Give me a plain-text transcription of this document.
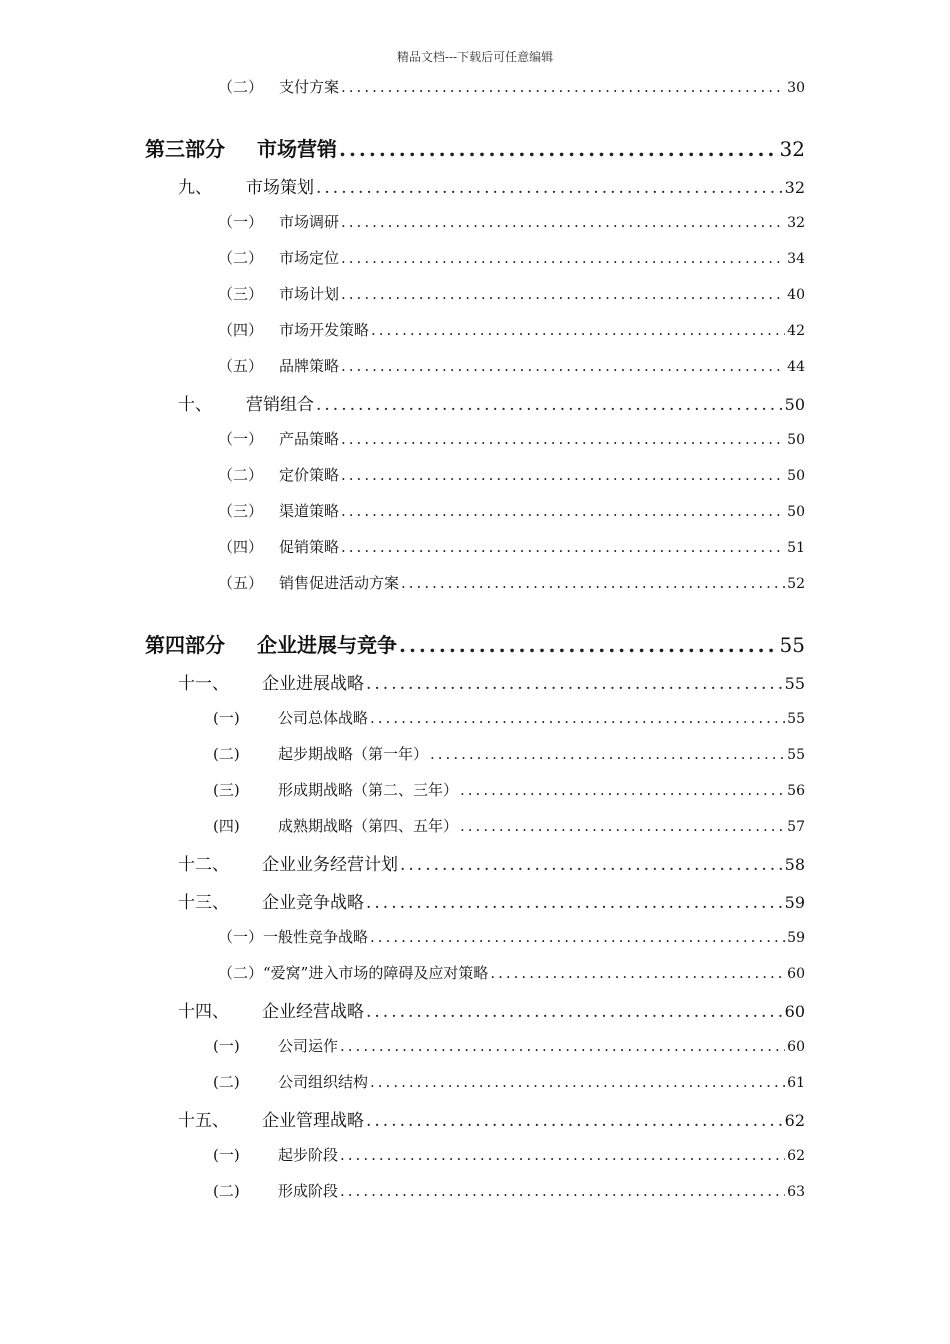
精品文档---下载后可任意编辑
（二）	支付方案 .....	30
第三部分	市场营销 .....	32
九、	市场策划 .....	32
（一）	市场调研 .....	32
（二）	市场定位 .....	34
（三）	市场计划 .....	40
（四）	市场开发策略 .....	42
（五）	品牌策略 .....	44
十、	营销组合 .....	50
（一）	产品策略 .....	50
（二）	定价策略 .....	50
（三）	渠道策略 .....	50
（四）	促销策略 .....	51
（五）	销售促进活动方案 .....	52
第四部分	企业进展与竞争 .....	55
十一、	企业进展战略 .....	55
(一)	公司总体战略 .....	55
(二)	起步期战略（第一年） .....	55
(三)	形成期战略（第二、三年） .....	56
(四)	成熟期战略（第四、五年） .....	57
十二、	企业业务经营计划 .....	58
十三、	企业竞争战略 .....	59
（一） 一般性竞争战略 .....	59
（二） “爱窝”进入市场的障碍及应对策略 .....	60
十四、	企业经营战略 .....	60
(一)	公司运作 .....	60
(二)	公司组织结构 .....	61
十五、	企业管理战略 .....	62
(一)	起步阶段 .....	62
(二)	形成阶段 .....	63
